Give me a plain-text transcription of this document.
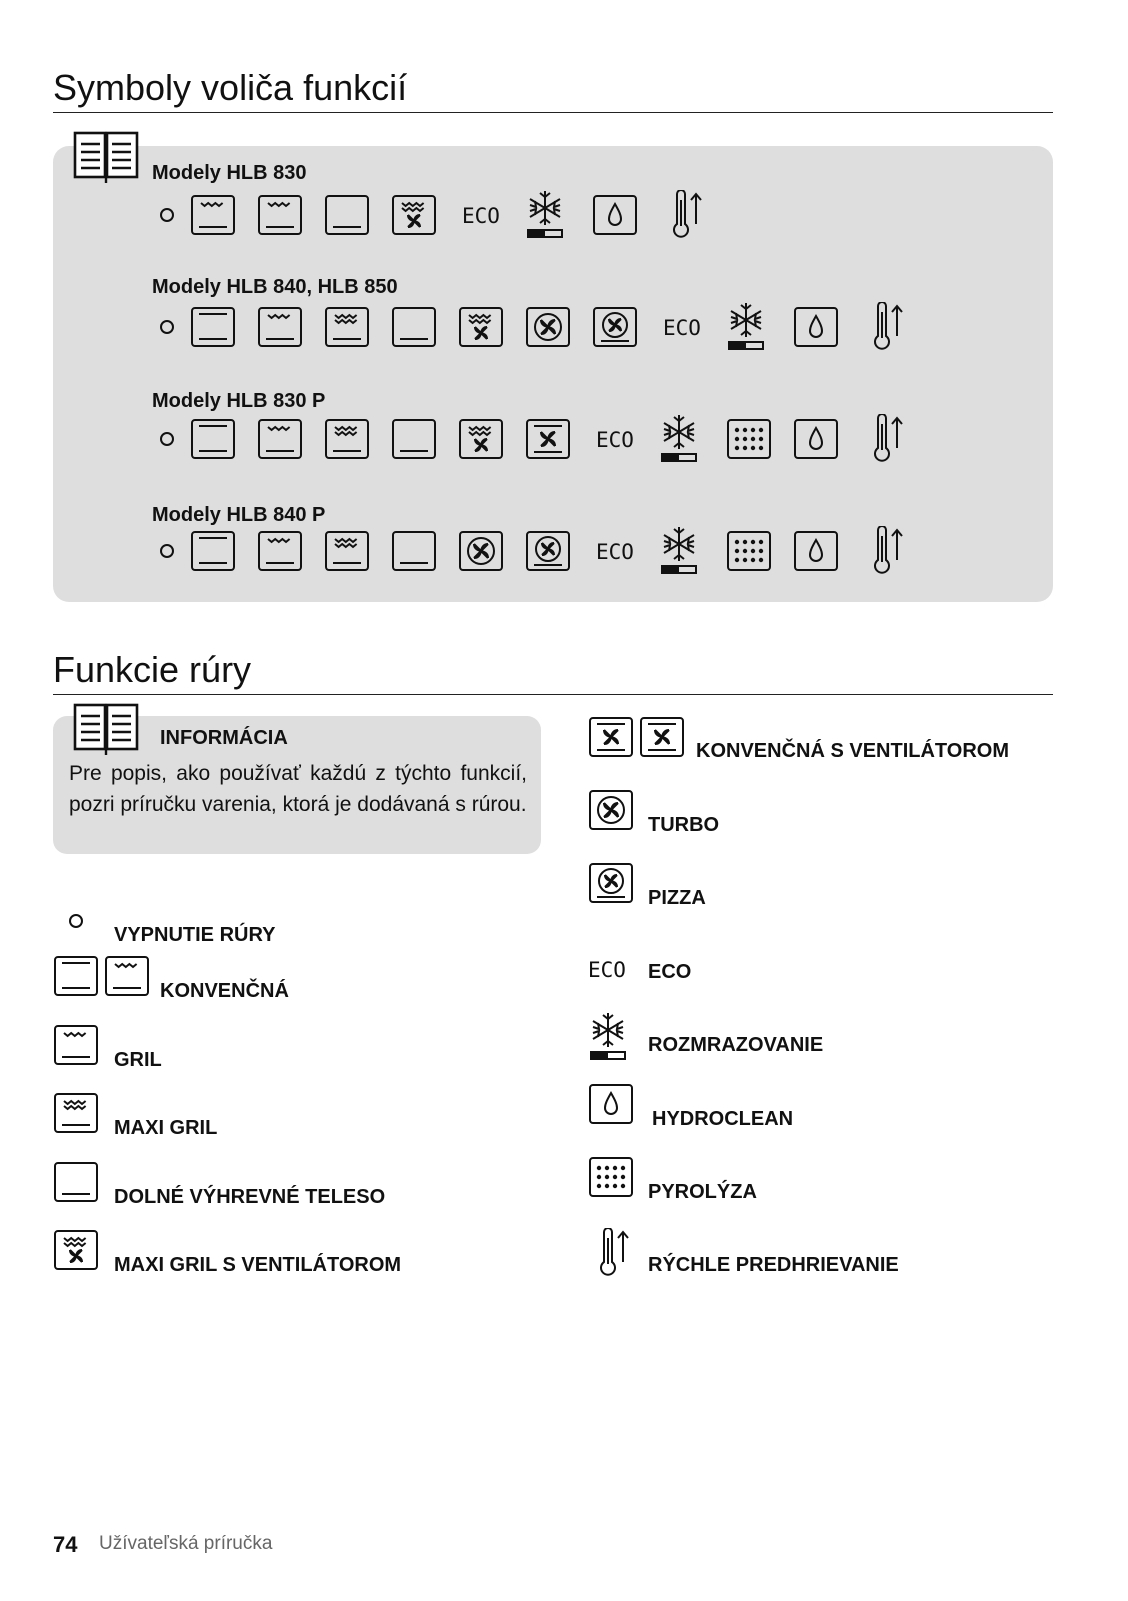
Symboly voliča funkcií
Modely HLB 830
Modely HLB 840, HLB 850
Modely HLB 830 P
Modely HLB 840 P
ECO
ECO
ECO
ECO
Funkcie rúry
INFORMÁCIA
Pre popis, ako používať každú z týchto funkcií, pozri príručku varenia, ktorá je dodávaná s rúrou.
VYPNUTIE RÚRY
KONVENČNÁ
GRIL
MAXI GRIL
DOLNÉ VÝHREVNÉ TELESO
MAXI GRIL S VENTILÁTOROM
KONVENČNÁ S VENTILÁTOROM
TURBO
PIZZA
ECO ECO
ROZMRAZOVANIE
HYDROCLEAN
PYROLÝZA
RÝCHLE PREDHRIEVANIE
74 Užívateľská príručka
